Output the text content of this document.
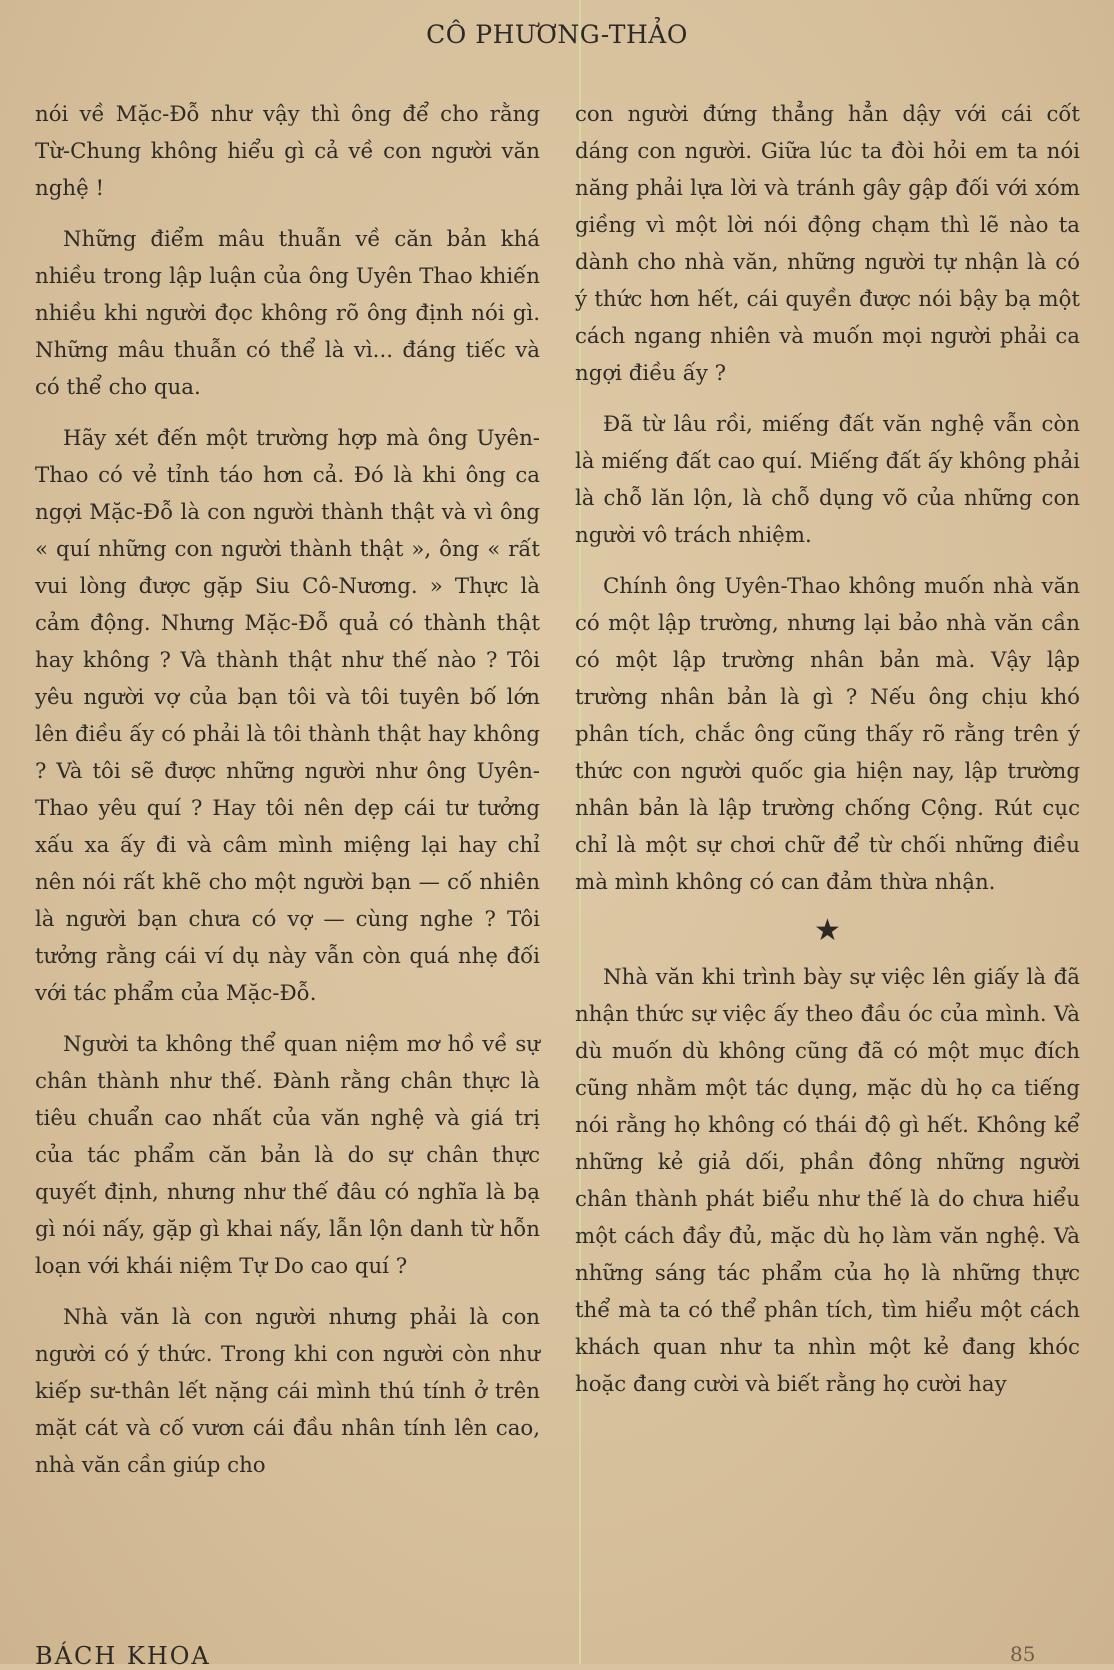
CÔ PHƯƠNG-THẢO

nói về Mặc-Đỗ như vậy thì ông để cho rằng Từ-Chung không hiểu gì cả về con người văn nghệ !

Những điểm mâu thuẫn về căn bản khá nhiều trong lập luận của ông Uyên Thao khiến nhiều khi người đọc không rõ ông định nói gì. Những mâu thuẫn có thể là vì... đáng tiếc và có thể cho qua.

Hãy xét đến một trường hợp mà ông Uyên-Thao có vẻ tỉnh táo hơn cả. Đó là khi ông ca ngợi Mặc-Đỗ là con người thành thật và vì ông « quí những con người thành thật », ông « rất vui lòng được gặp Siu Cô-Nương. » Thực là cảm động. Nhưng Mặc-Đỗ quả có thành thật hay không ? Và thành thật như thế nào ? Tôi yêu người vợ của bạn tôi và tôi tuyên bố lớn lên điều ấy có phải là tôi thành thật hay không ? Và tôi sẽ được những người như ông Uyên-Thao yêu quí ? Hay tôi nên dẹp cái tư tưởng xấu xa ấy đi và câm mình miệng lại hay chỉ nên nói rất khẽ cho một người bạn — cố nhiên là người bạn chưa có vợ — cùng nghe ? Tôi tưởng rằng cái ví dụ này vẫn còn quá nhẹ đối với tác phẩm của Mặc-Đỗ.

Người ta không thể quan niệm mơ hồ về sự chân thành như thế. Đành rằng chân thực là tiêu chuẩn cao nhất của văn nghệ và giá trị của tác phẩm căn bản là do sự chân thực quyết định, nhưng như thế đâu có nghĩa là bạ gì nói nấy, gặp gì khai nấy, lẫn lộn danh từ hỗn loạn với khái niệm Tự Do cao quí ?

Nhà văn là con người nhưng phải là con người có ý thức. Trong khi con người còn như kiếp sư-thân lết nặng cái mình thú tính ở trên mặt cát và cố vươn cái đầu nhân tính lên cao, nhà văn cần giúp cho

con người đứng thẳng hẳn dậy với cái cốt dáng con người. Giữa lúc ta đòi hỏi em ta nói năng phải lựa lời và tránh gây gập đối với xóm giềng vì một lời nói động chạm thì lẽ nào ta dành cho nhà văn, những người tự nhận là có ý thức hơn hết, cái quyền được nói bậy bạ một cách ngang nhiên và muốn mọi người phải ca ngợi điều ấy ?

Đã từ lâu rồi, miếng đất văn nghệ vẫn còn là miếng đất cao quí. Miếng đất ấy không phải là chỗ lăn lộn, là chỗ dụng võ của những con người vô trách nhiệm.

Chính ông Uyên-Thao không muốn nhà văn có một lập trường, nhưng lại bảo nhà văn cần có một lập trường nhân bản mà. Vậy lập trường nhân bản là gì ? Nếu ông chịu khó phân tích, chắc ông cũng thấy rõ rằng trên ý thức con người quốc gia hiện nay, lập trường nhân bản là lập trường chống Cộng. Rút cục chỉ là một sự chơi chữ để từ chối những điều mà mình không có can đảm thừa nhận.

★

Nhà văn khi trình bày sự việc lên giấy là đã nhận thức sự việc ấy theo đầu óc của mình. Và dù muốn dù không cũng đã có một mục đích cũng nhằm một tác dụng, mặc dù họ ca tiếng nói rằng họ không có thái độ gì hết. Không kể những kẻ giả dối, phần đông những người chân thành phát biểu như thế là do chưa hiểu một cách đầy đủ, mặc dù họ làm văn nghệ. Và những sáng tác phẩm của họ là những thực thể mà ta có thể phân tích, tìm hiểu một cách khách quan như ta nhìn một kẻ đang khóc hoặc đang cười và biết rằng họ cười hay

BÁCH KHOA	85
